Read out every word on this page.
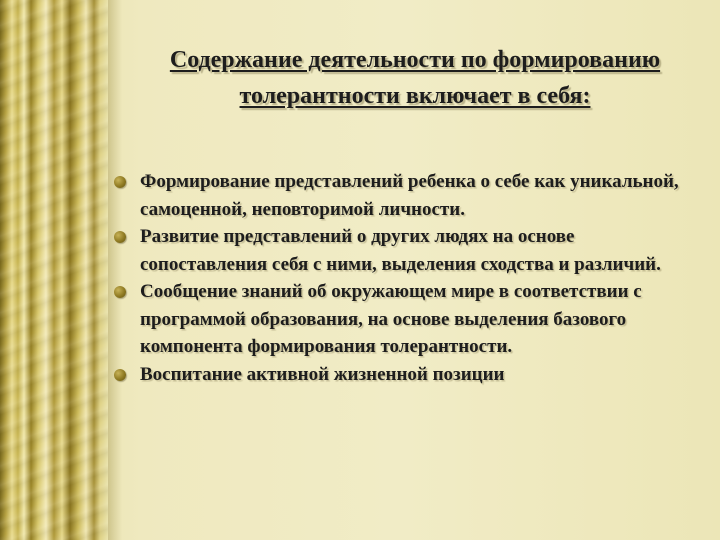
Содержание деятельности по формированию толерантности включает в себя:
Формирование представлений ребенка о себе как уникальной, самоценной, неповторимой личности.
Развитие представлений о других людях на основе сопоставления себя с ними, выделения сходства и различий.
Сообщение знаний об окружающем мире в соответствии с программой образования, на основе выделения базового компонента формирования толерантности.
Воспитание активной жизненной позиции
